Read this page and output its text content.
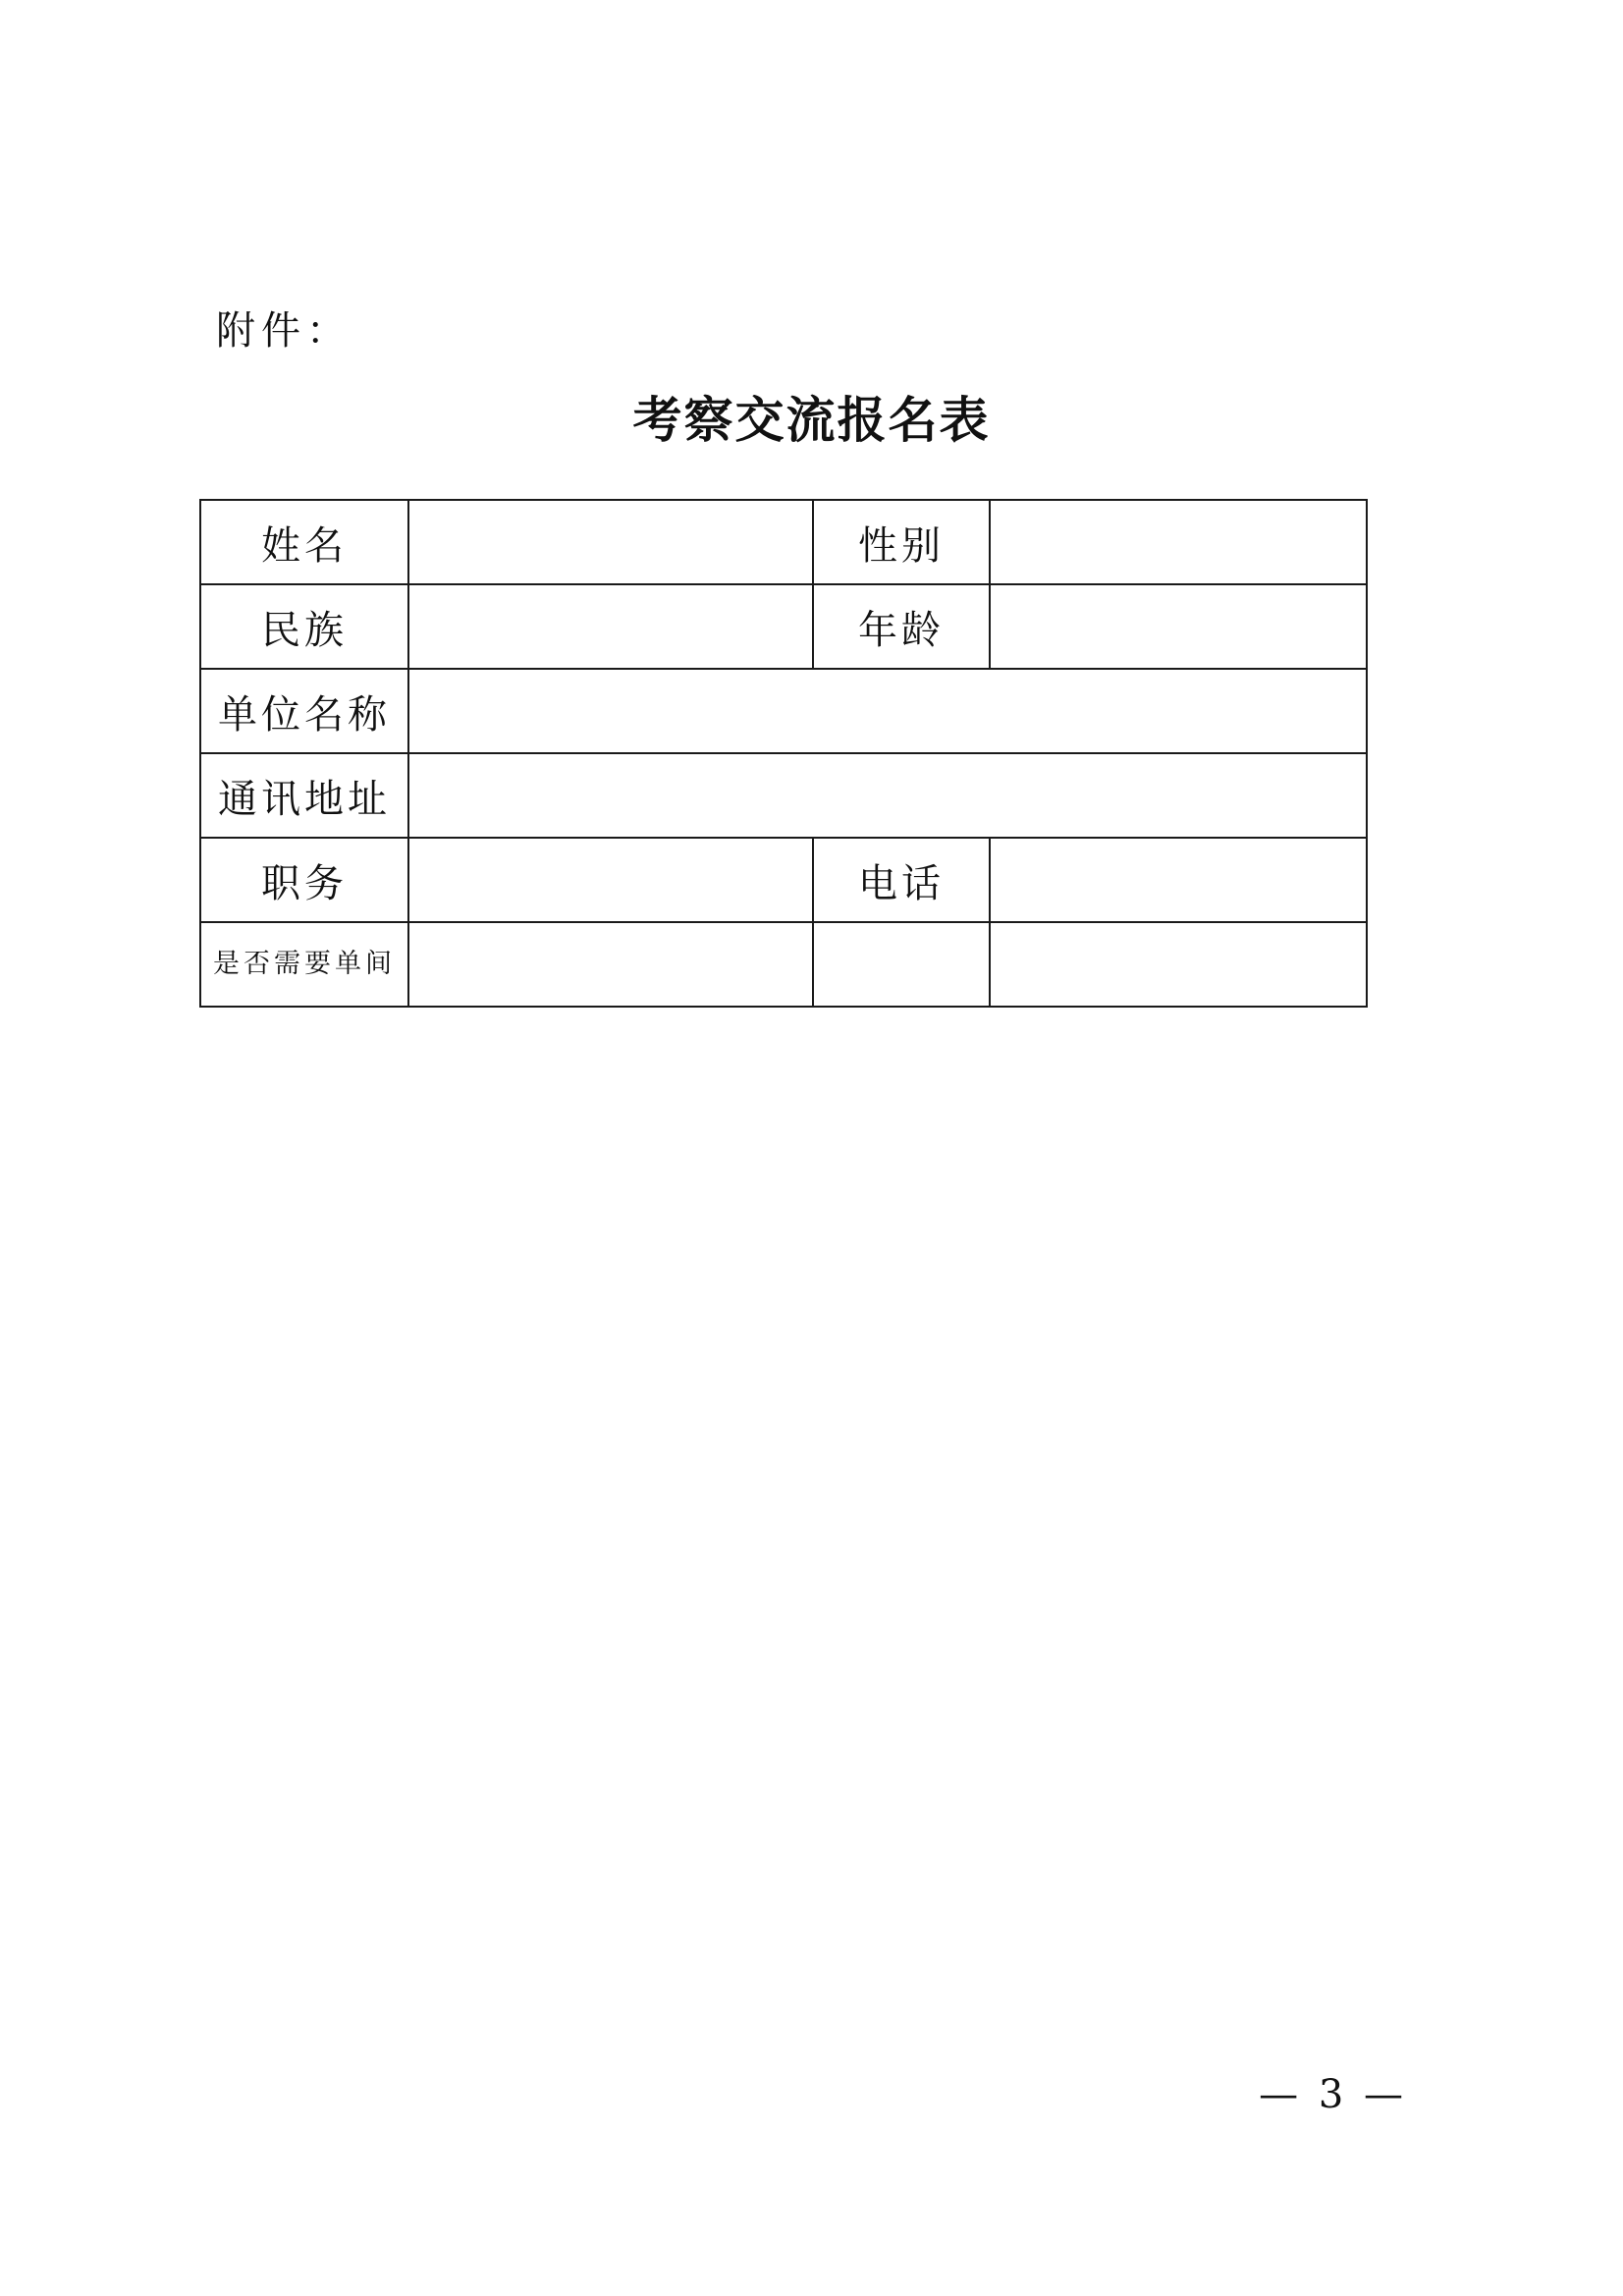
附件：
考察交流报名表
姓名		性别	
民族		年龄	
单位名称			
通讯地址			
职务		电话	
是否需要单间			
— 3 —
